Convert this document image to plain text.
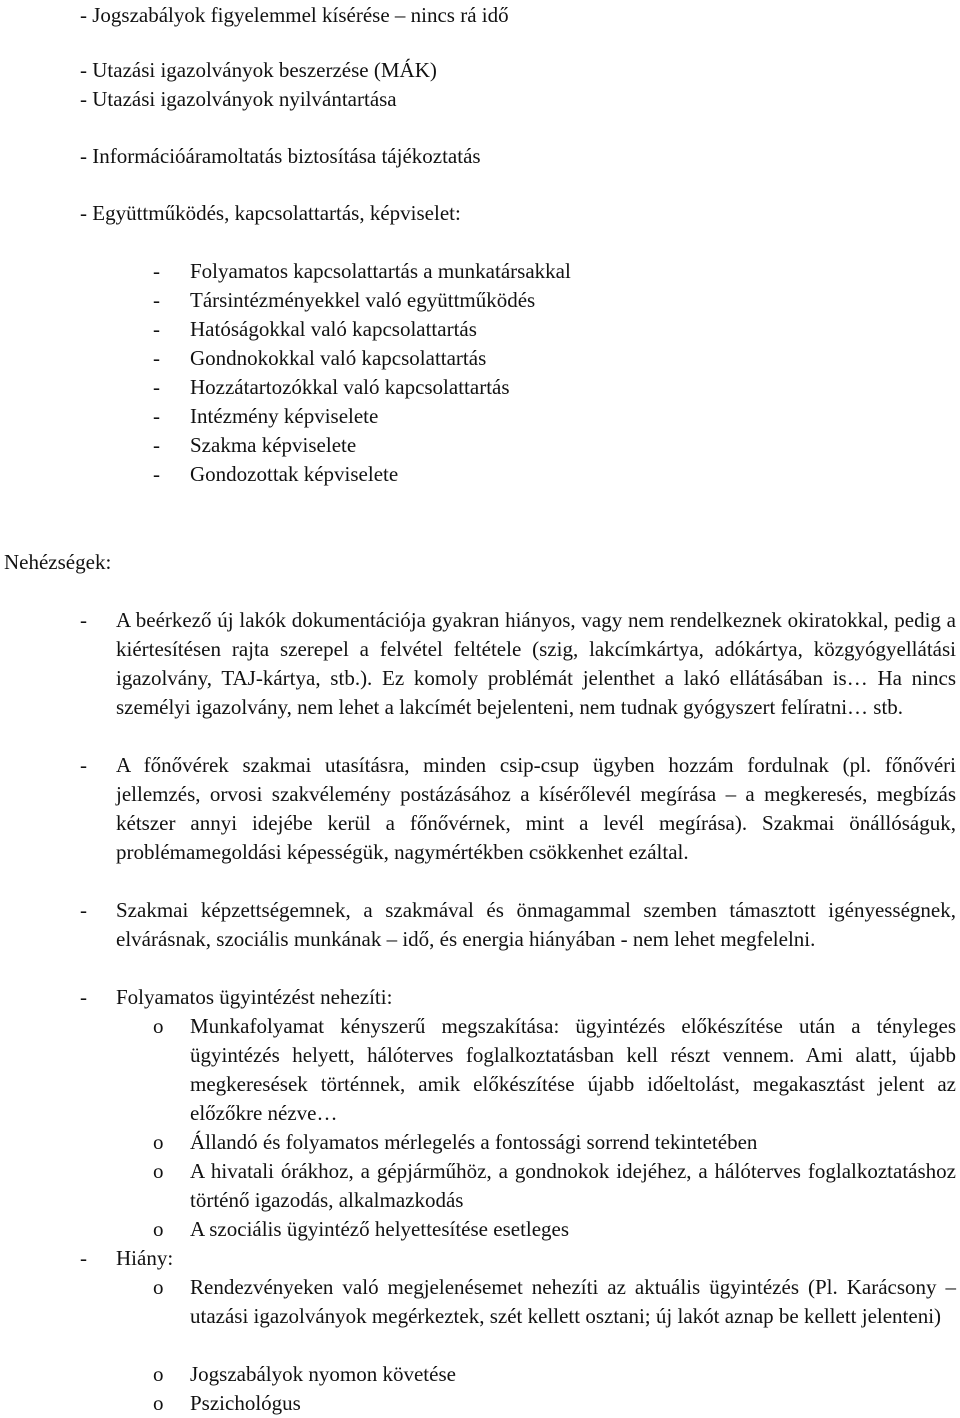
- Jogszabályok figyelemmel kísérése – nincs rá idő
- Utazási igazolványok beszerzése (MÁK)
- Utazási igazolványok nyilvántartása
- Információáramoltatás biztosítása tájékoztatás
- Együttműködés, kapcsolattartás, képviselet:
- Folyamatos kapcsolattartás a munkatársakkal
- Társintézményekkel való együttműködés
- Hatóságokkal való kapcsolattartás
- Gondnokokkal való kapcsolattartás
- Hozzátartozókkal való kapcsolattartás
- Intézmény képviselete
- Szakma képviselete
- Gondozottak képviselete
Nehézségek:
- A beérkező új lakók dokumentációja gyakran hiányos, vagy nem rendelkeznek okiratokkal, pedig a kiértesítésen rajta szerepel a felvétel feltétele (szig, lakcímkártya, adókártya, közgyógyellátási igazolvány, TAJ-kártya, stb.). Ez komoly problémát jelenthet a lakó ellátásában is… Ha nincs személyi igazolvány, nem lehet a lakcímét bejelenteni, nem tudnak gyógyszert felíratni… stb.
- A főnővérek szakmai utasításra, minden csip-csup ügyben hozzám fordulnak (pl. főnővéri jellemzés, orvosi szakvélemény postázásához a kísérőlevél megírása – a megkeresés, megbízás kétszer annyi idejébe kerül a főnővérnek, mint a levél megírása). Szakmai önállóságuk, problémamegoldási képességük, nagymértékben csökkenhet ezáltal.
- Szakmai képzettségemnek, a szakmával és önmagammal szemben támasztott igényességnek, elvárásnak, szociális munkának – idő, és energia hiányában - nem lehet megfelelni.
- Folyamatos ügyintézést nehezíti:
o Munkafolyamat kényszerű megszakítása: ügyintézés előkészítése után a tényleges ügyintézés helyett, hálóterves foglalkoztatásban kell részt vennem. Ami alatt, újabb megkeresések történnek, amik előkészítése újabb időeltolást, megakasztást jelent az előzőkre nézve…
o Állandó és folyamatos mérlegelés a fontossági sorrend tekintetében
o A hivatali órákhoz, a gépjárműhöz, a gondnokok idejéhez, a hálóterves foglalkoztatáshoz történő igazodás, alkalmazkodás
o A szociális ügyintéző helyettesítése esetleges
- Hiány:
o Rendezvényeken való megjelenésemet nehezíti az aktuális ügyintézés (Pl. Karácsony – utazási igazolványok megérkeztek, szét kellett osztani; új lakót aznap be kellett jelenteni)
o Jogszabályok nyomon követése
o Pszichológus
